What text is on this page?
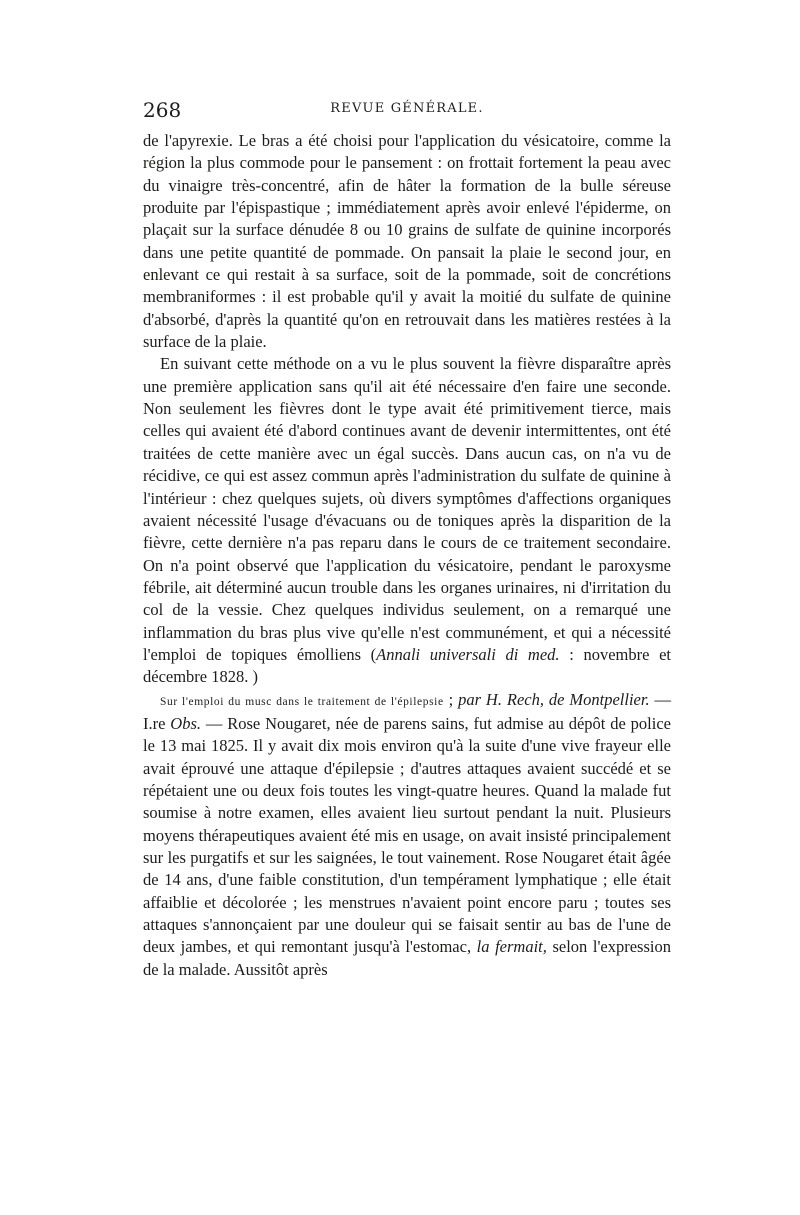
268	REVUE GÉNÉRALE.

de l'apyrexie. Le bras a été choisi pour l'application du vésicatoire, comme la région la plus commode pour le pansement : on frottait fortement la peau avec du vinaigre très-concentré, afin de hâter la formation de la bulle séreuse produite par l'épispastique ; immédiatement après avoir enlevé l'épiderme, on plaçait sur la surface dénudée 8 ou 10 grains de sulfate de quinine incorporés dans une petite quantité de pommade. On pansait la plaie le second jour, en enlevant ce qui restait à sa surface, soit de la pommade, soit de concrétions membraniformes : il est probable qu'il y avait la moitié du sulfate de quinine d'absorbé, d'après la quantité qu'on en retrouvait dans les matières restées à la surface de la plaie.

En suivant cette méthode on a vu le plus souvent la fièvre disparaître après une première application sans qu'il ait été nécessaire d'en faire une seconde. Non seulement les fièvres dont le type avait été primitivement tierce, mais celles qui avaient été d'abord continues avant de devenir intermittentes, ont été traitées de cette manière avec un égal succès. Dans aucun cas, on n'a vu de récidive, ce qui est assez commun après l'administration du sulfate de quinine à l'intérieur : chez quelques sujets, où divers symptômes d'affections organiques avaient nécessité l'usage d'évacuans ou de toniques après la disparition de la fièvre, cette dernière n'a pas reparu dans le cours de ce traitement secondaire. On n'a point observé que l'application du vésicatoire, pendant le paroxysme fébrile, ait déterminé aucun trouble dans les organes urinaires, ni d'irritation du col de la vessie. Chez quelques individus seulement, on a remarqué une inflammation du bras plus vive qu'elle n'est communément, et qui a nécessité l'emploi de topiques émolliens (Annali universali di med. : novembre et décembre 1828. )

Sur l'emploi du musc dans le traitement de l'épilepsie ; par H. Rech, de Montpellier. — I.re Obs. — Rose Nougaret, née de parens sains, fut admise au dépôt de police le 13 mai 1825. Il y avait dix mois environ qu'à la suite d'une vive frayeur elle avait éprouvé une attaque d'épilepsie ; d'autres attaques avaient succédé et se répétaient une ou deux fois toutes les vingt-quatre heures. Quand la malade fut soumise à notre examen, elles avaient lieu surtout pendant la nuit. Plusieurs moyens thérapeutiques avaient été mis en usage, on avait insisté principalement sur les purgatifs et sur les saignées, le tout vainement. Rose Nougaret était âgée de 14 ans, d'une faible constitution, d'un tempérament lymphatique ; elle était affaiblie et décolorée ; les menstrues n'avaient point encore paru ; toutes ses attaques s'annonçaient par une douleur qui se faisait sentir au bas de l'une de deux jambes, et qui remontant jusqu'à l'estomac, la fermait, selon l'expression de la malade. Aussitôt après
